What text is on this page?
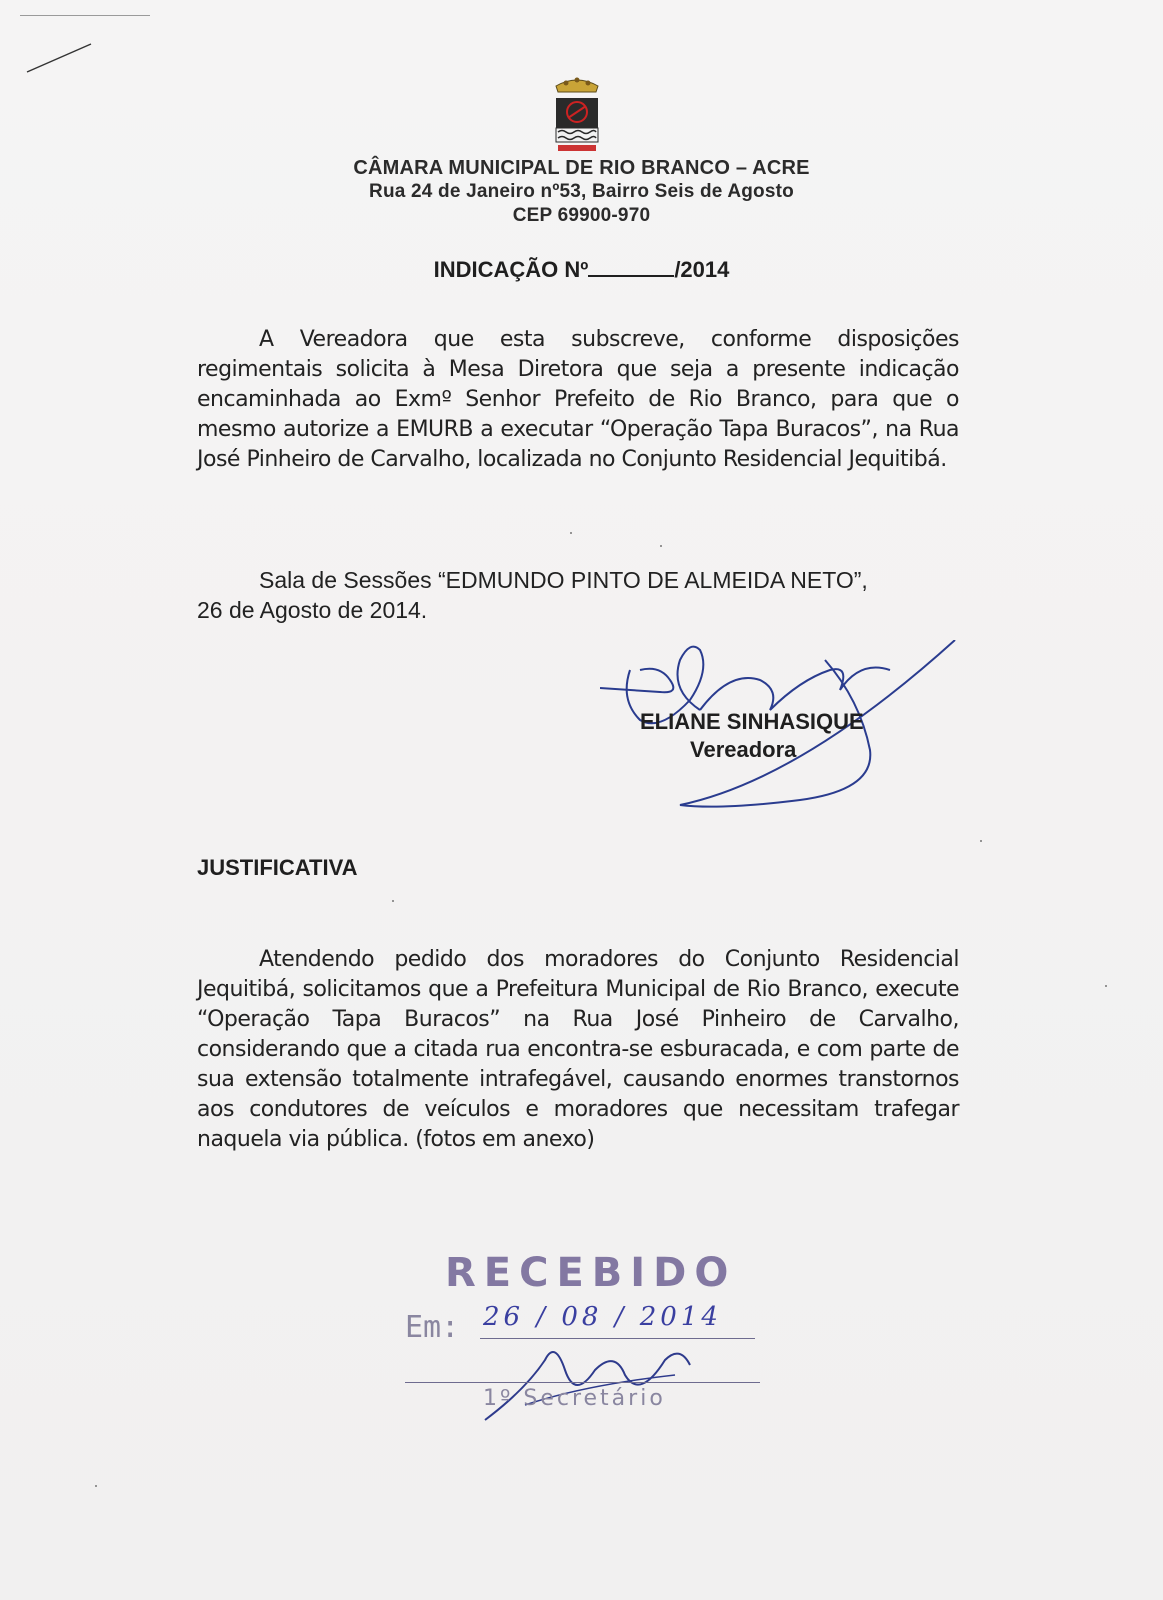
CÂMARA MUNICIPAL DE RIO BRANCO – ACRE
Rua 24 de Janeiro nº53, Bairro Seis de Agosto
CEP 69900-970
INDICAÇÃO Nº	/2014
A Vereadora que esta subscreve, conforme disposições regimentais solicita à Mesa Diretora que seja a presente indicação encaminhada ao Exmº Senhor Prefeito de Rio Branco, para que o mesmo autorize a EMURB a executar “Operação Tapa Buracos”, na Rua José Pinheiro de Carvalho, localizada no Conjunto Residencial Jequitibá.
Sala de Sessões “EDMUNDO PINTO DE ALMEIDA NETO”,
26 de Agosto de 2014.
ELIANE SINHASIQUE
Vereadora
JUSTIFICATIVA
Atendendo pedido dos moradores do Conjunto Residencial Jequitibá, solicitamos que a Prefeitura Municipal de Rio Branco, execute “Operação Tapa Buracos” na Rua José Pinheiro de Carvalho, considerando que a citada rua encontra-se esburacada, e com parte de sua extensão totalmente intrafegável, causando enormes transtornos aos condutores de veículos e moradores que necessitam trafegar naquela via pública. (fotos em anexo)
RECEBIDO
Em: 26 / 08 / 2014
1º Secretário
